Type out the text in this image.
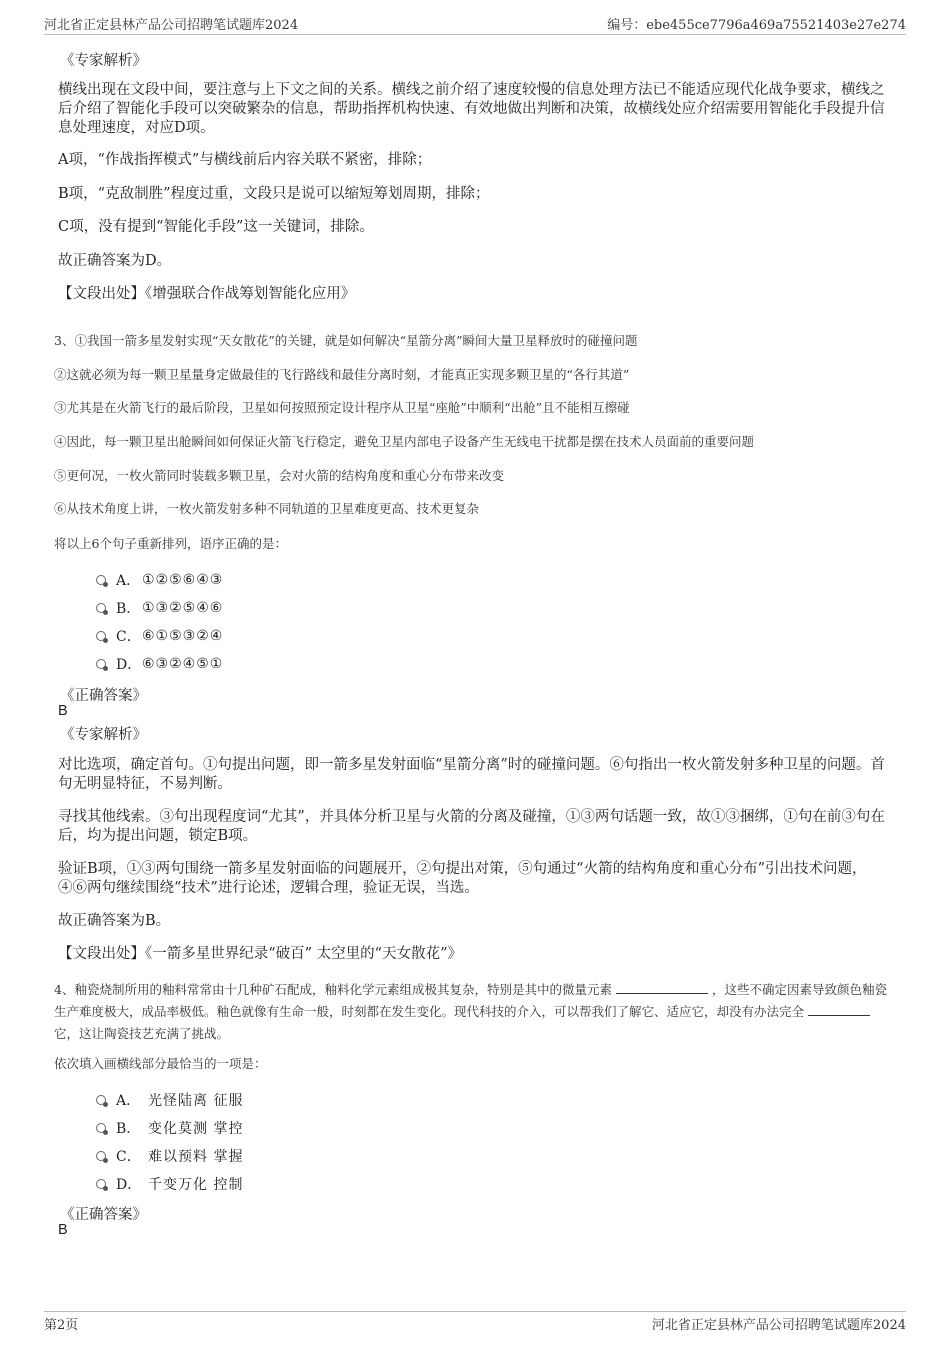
河北省正定县林产品公司招聘笔试题库2024	编号：ebe455ce7796a469a75521403e27e274
《专家解析》
横线出现在文段中间，要注意与上下文之间的关系。横线之前介绍了速度较慢的信息处理方法已不能适应现代化战争要求，横线之后介绍了智能化手段可以突破繁杂的信息，帮助指挥机构快速、有效地做出判断和决策，故横线处应介绍需要用智能化手段提升信息处理速度，对应D项。
A项，“作战指挥模式”与横线前后内容关联不紧密，排除；
B项，“克敌制胜”程度过重，文段只是说可以缩短筹划周期，排除；
C项，没有提到“智能化手段”这一关键词，排除。
故正确答案为D。
【文段出处】《增强联合作战筹划智能化应用》
3、①我国一箭多星发射实现“天女散花”的关键，就是如何解决“星箭分离”瞬间大量卫星释放时的碰撞问题
②这就必须为每一颗卫星量身定做最佳的飞行路线和最佳分离时刻，才能真正实现多颗卫星的“各行其道”
③尤其是在火箭飞行的最后阶段，卫星如何按照预定设计程序从卫星“座舱”中顺利“出舱”且不能相互擦碰
④因此，每一颗卫星出舱瞬间如何保证火箭飞行稳定，避免卫星内部电子设备产生无线电干扰都是摆在技术人员面前的重要问题
⑤更何况，一枚火箭同时装载多颗卫星，会对火箭的结构角度和重心分布带来改变
⑥从技术角度上讲，一枚火箭发射多种不同轨道的卫星难度更高、技术更复杂
将以上6个句子重新排列，语序正确的是：
A． ①②⑤⑥④③
B． ①③②⑤④⑥
C． ⑥①⑤③②④
D． ⑥③②④⑤①
《正确答案》
B
《专家解析》
对比选项，确定首句。①句提出问题，即一箭多星发射面临“星箭分离”时的碰撞问题。⑥句指出一枚火箭发射多种卫星的问题。首句无明显特征，不易判断。
寻找其他线索。③句出现程度词“尤其”，并具体分析卫星与火箭的分离及碰撞，①③两句话题一致，故①③捆绑，①句在前③句在后，均为提出问题，锁定B项。
验证B项，①③两句围绕一箭多星发射面临的问题展开，②句提出对策，⑤句通过“火箭的结构角度和重心分布”引出技术问题，④⑥两句继续围绕“技术”进行论述，逻辑合理，验证无误，当选。
故正确答案为B。
【文段出处】《一箭多星世界纪录“破百” 太空里的“天女散花”》
4、釉瓷烧制所用的釉料常常由十几种矿石配成，釉料化学元素组成极其复杂，特别是其中的微量元素	，这些不确定因素导致颜色釉瓷生产难度极大，成品率极低。釉色就像有生命一般，时刻都在发生变化。现代科技的介入，可以帮我们了解它、适应它，却没有办法完全  它，这让陶瓷技艺充满了挑战。
依次填入画横线部分最恰当的一项是：
A． 光怪陆离 征服
B． 变化莫测 掌控
C． 难以预料 掌握
D． 千变万化 控制
《正确答案》
B
第2页	河北省正定县林产品公司招聘笔试题库2024
